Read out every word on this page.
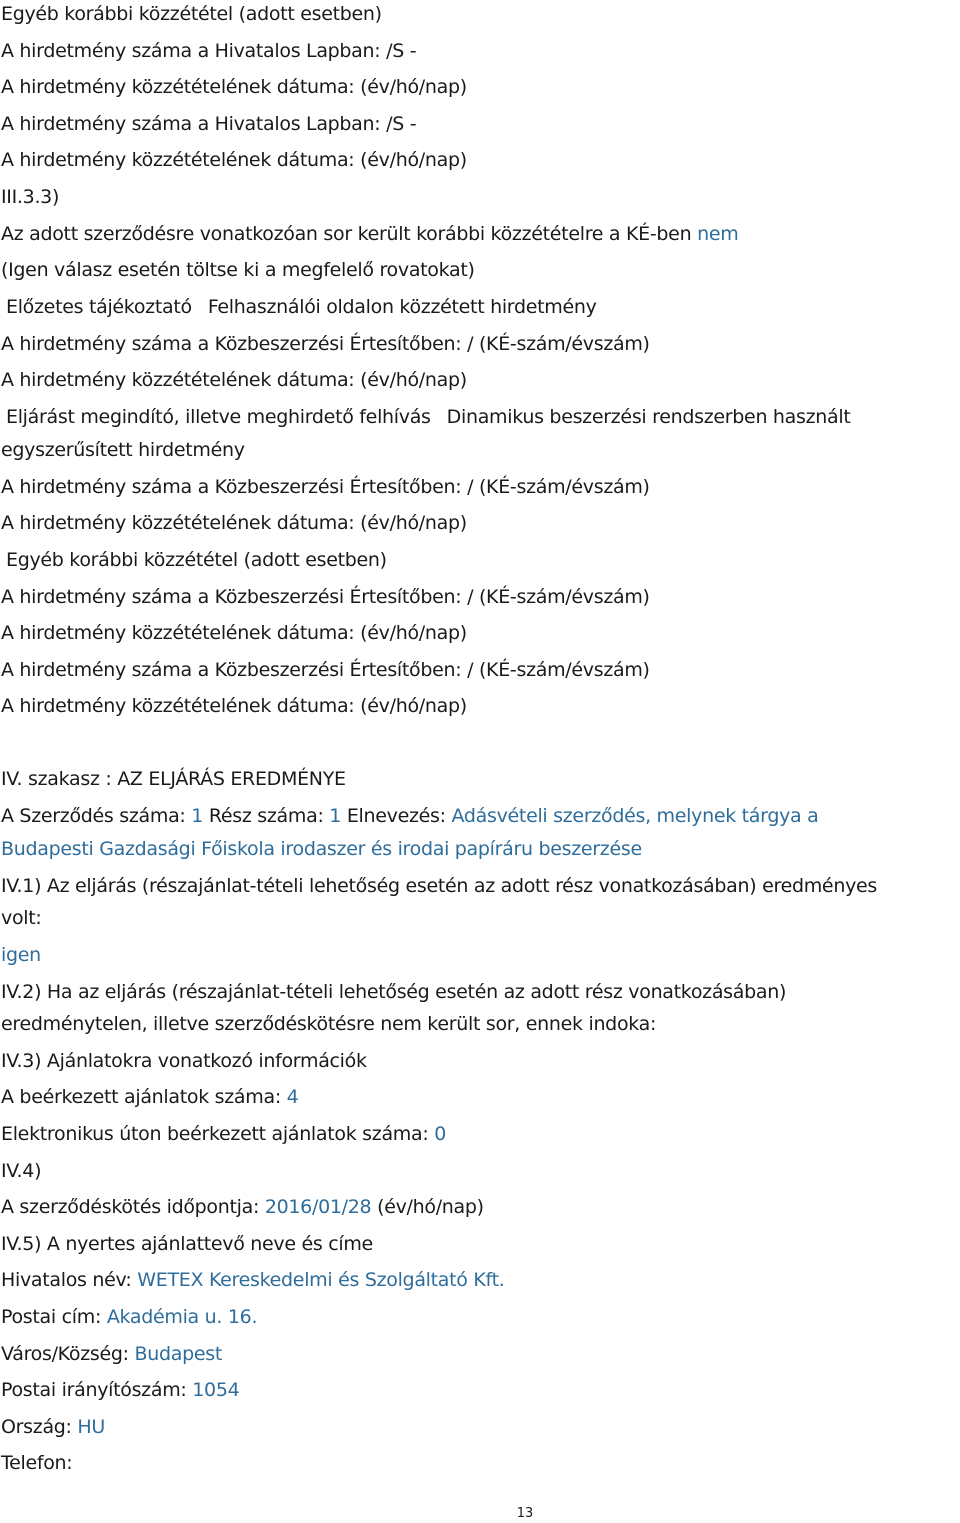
Egyéb korábbi közzététel (adott esetben)
A hirdetmény száma a Hivatalos Lapban: /S -
A hirdetmény közzétételének dátuma: (év/hó/nap)
A hirdetmény száma a Hivatalos Lapban: /S -
A hirdetmény közzétételének dátuma: (év/hó/nap)
III.3.3)
Az adott szerződésre vonatkozóan sor került korábbi közzétételre a KÉ-ben nem
(Igen válasz esetén töltse ki a megfelelő rovatokat)
Előzetes tájékoztató Felhasználói oldalon közzétett hirdetmény
A hirdetmény száma a Közbeszerzési Értesítőben: / (KÉ-szám/évszám)
A hirdetmény közzétételének dátuma: (év/hó/nap)
Eljárást megindító, illetve meghirdető felhívás Dinamikus beszerzési rendszerben használt
egyszerűsített hirdetmény
A hirdetmény száma a Közbeszerzési Értesítőben: / (KÉ-szám/évszám)
A hirdetmény közzétételének dátuma: (év/hó/nap)
Egyéb korábbi közzététel (adott esetben)
A hirdetmény száma a Közbeszerzési Értesítőben: / (KÉ-szám/évszám)
A hirdetmény közzétételének dátuma: (év/hó/nap)
A hirdetmény száma a Közbeszerzési Értesítőben: / (KÉ-szám/évszám)
A hirdetmény közzétételének dátuma: (év/hó/nap)
IV. szakasz : AZ ELJÁRÁS EREDMÉNYE
A Szerződés száma: 1 Rész száma: 1 Elnevezés: Adásvételi szerződés, melynek tárgya a
Budapesti Gazdasági Főiskola irodaszer és irodai papíráru beszerzése
IV.1) Az eljárás (részajánlat-tételi lehetőség esetén az adott rész vonatkozásában) eredményes
volt:
igen
IV.2) Ha az eljárás (részajánlat-tételi lehetőség esetén az adott rész vonatkozásában)
eredménytelen, illetve szerződéskötésre nem került sor, ennek indoka:
IV.3) Ajánlatokra vonatkozó információk
A beérkezett ajánlatok száma: 4
Elektronikus úton beérkezett ajánlatok száma: 0
IV.4)
A szerződéskötés időpontja: 2016/01/28 (év/hó/nap)
IV.5) A nyertes ajánlattevő neve és címe
Hivatalos név: WETEX Kereskedelmi és Szolgáltató Kft.
Postai cím: Akadémia u. 16.
Város/Község: Budapest
Postai irányítószám: 1054
Ország: HU
Telefon:
13
